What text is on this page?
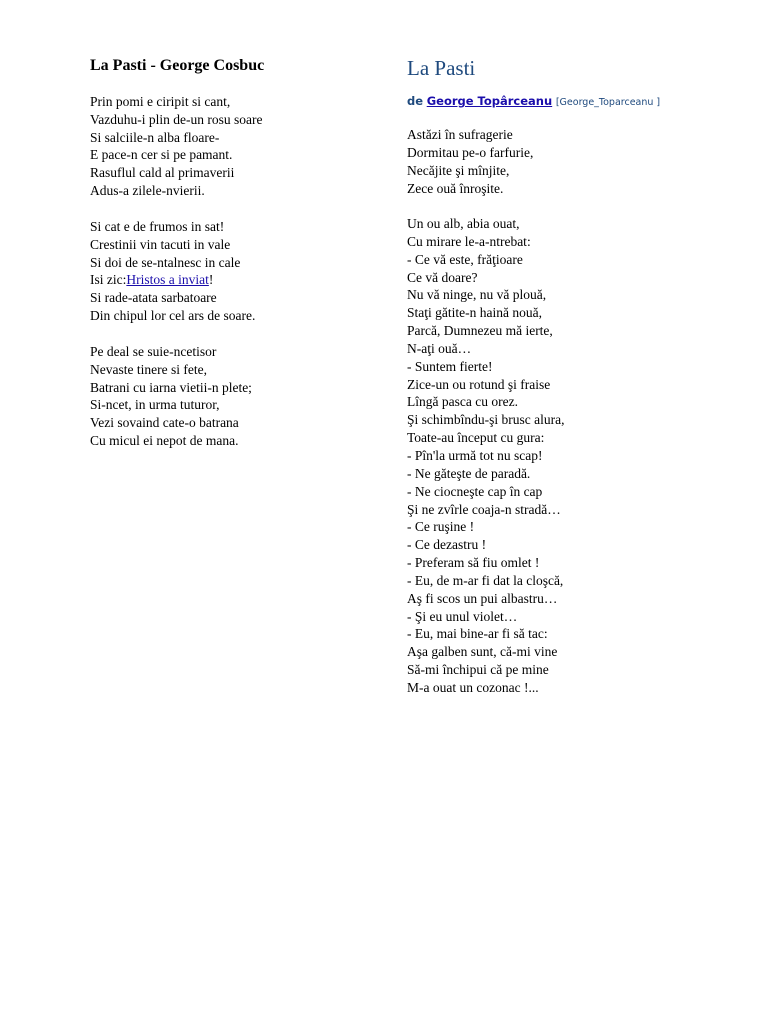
La Pasti - George Cosbuc
Prin pomi e ciripit si cant,
Vazduhu-i plin de-un rosu soare
Si salciile-n alba floare-
E pace-n cer si pe pamant.
Rasuflul cald al primaverii
Adus-a zilele-nvierii.
Si cat e de frumos in sat!
Crestinii vin tacuti in vale
Si doi de se-ntalnesc in cale
Isi zic:Hristos a inviat!
Si rade-atata sarbatoare
Din chipul lor cel ars de soare.
Pe deal se suie-ncetisor
Nevaste tinere si fete,
Batrani cu iarna vietii-n plete;
Si-ncet, in urma tuturor,
Vezi sovaind cate-o batrana
Cu micul ei nepot de mana.
La Pasti
de George Topârceanu [George_Toparceanu ]
Astăzi în sufragerie
Dormitau pe-o farfurie,
Necăjite şi mînjite,
Zece ouă înroşite.
Un ou alb, abia ouat,
Cu mirare le-a-ntrebat:
- Ce vă este, frăţioare
Ce vă doare?
Nu vă ninge, nu vă plouă,
Staţi gătite-n haină nouă,
Parcă, Dumnezeu mă ierte,
N-aţi ouă…
- Suntem fierte!
Zice-un ou rotund şi fraise
Lîngă pasca cu orez.
Şi schimbîndu-şi brusc alura,
Toate-au început cu gura:
- Pîn'la urmă tot nu scap!
- Ne găteşte de paradă.
- Ne ciocneşte cap în cap
Şi ne zvîrle coaja-n stradă…
- Ce ruşine !
- Ce dezastru !
- Preferam să fiu omlet !
- Eu, de m-ar fi dat la cloşcă,
Aş fi scos un pui albastru…
- Şi eu unul violet…
- Eu, mai bine-ar fi să tac:
Aşa galben sunt, că-mi vine
Să-mi închipui că pe mine
M-a ouat un cozonac !...
